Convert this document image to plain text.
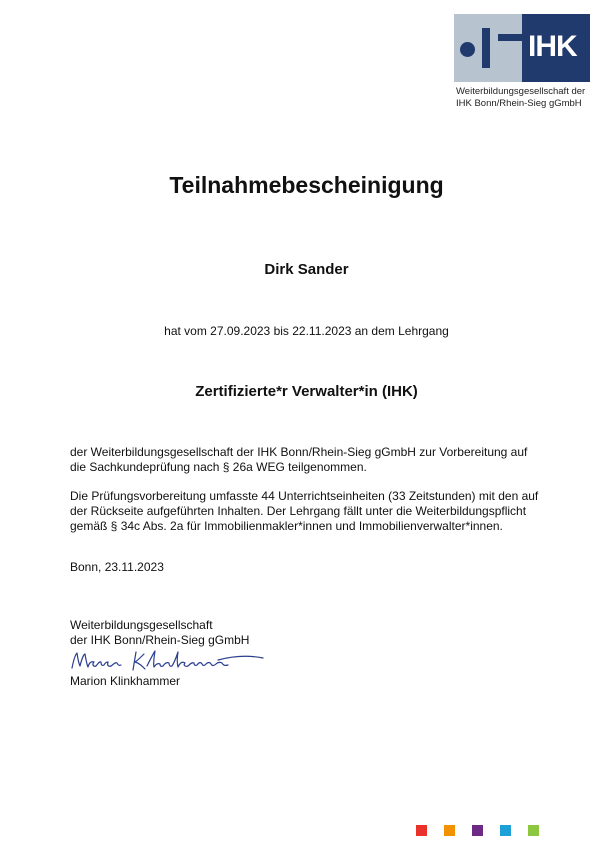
IHK
Weiterbildungsgesellschaft der
IHK Bonn/Rhein-Sieg gGmbH
Teilnahmebescheinigung
Dirk Sander
hat vom 27.09.2023 bis 22.11.2023 an dem Lehrgang
Zertifizierte*r Verwalter*in (IHK)
der Weiterbildungsgesellschaft der IHK Bonn/Rhein-Sieg gGmbH zur Vorbereitung auf die Sachkundeprüfung nach § 26a WEG teilgenommen.
Die Prüfungsvorbereitung umfasste 44 Unterrichtseinheiten (33 Zeitstunden) mit den auf der Rückseite aufgeführten Inhalten. Der Lehrgang fällt unter die Weiterbildungspflicht gemäß § 34c Abs. 2a für Immobilienmakler*innen und Immobilienverwalter*innen.
Bonn, 23.11.2023
Weiterbildungsgesellschaft
der IHK Bonn/Rhein-Sieg gGmbH
Marion Klinkhammer
